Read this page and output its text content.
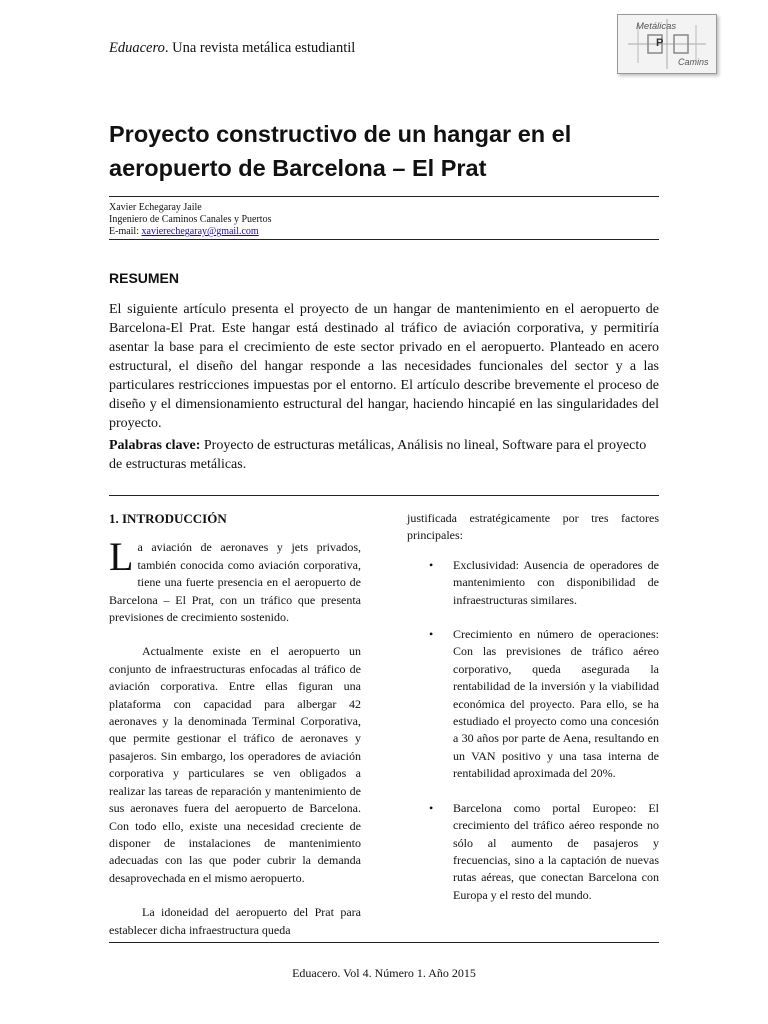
Eduacero. Una revista metálica estudiantil
Metálicas
P
Camins
Proyecto constructivo de un hangar en el aeropuerto de Barcelona – El Prat
Xavier Echegaray Jaile
Ingeniero de Caminos Canales y Puertos
E-mail: xavierechegaray@gmail.com
RESUMEN

El siguiente artículo presenta el proyecto de un hangar de mantenimiento en el aeropuerto de Barcelona-El Prat. Este hangar está destinado al tráfico de aviación corporativa, y permitiría asentar la base para el crecimiento de este sector privado en el aeropuerto. Planteado en acero estructural, el diseño del hangar responde a las necesidades funcionales del sector y a las particulares restricciones impuestas por el entorno. El artículo describe brevemente el proceso de diseño y el dimensionamiento estructural del hangar, haciendo hincapié en las singularidades del proyecto.

Palabras clave: Proyecto de estructuras metálicas, Análisis no lineal, Software para el proyecto de estructuras metálicas.

1. INTRODUCCIÓN

La aviación de aeronaves y jets privados, también conocida como aviación corporativa, tiene una fuerte presencia en el aeropuerto de Barcelona – El Prat, con un tráfico que presenta previsiones de crecimiento sostenido.

Actualmente existe en el aeropuerto un conjunto de infraestructuras enfocadas al tráfico de aviación corporativa. Entre ellas figuran una plataforma con capacidad para albergar 42 aeronaves y la denominada Terminal Corporativa, que permite gestionar el tráfico de aeronaves y pasajeros. Sin embargo, los operadores de aviación corporativa y particulares se ven obligados a realizar las tareas de reparación y mantenimiento de sus aeronaves fuera del aeropuerto de Barcelona. Con todo ello, existe una necesidad creciente de disponer de instalaciones de mantenimiento adecuadas con las que poder cubrir la demanda desaprovechada en el mismo aeropuerto.

La idoneidad del aeropuerto del Prat para establecer dicha infraestructura queda

justificada estratégicamente por tres factores principales:

• Exclusividad: Ausencia de operadores de mantenimiento con disponibilidad de infraestructuras similares.
• Crecimiento en número de operaciones: Con las previsiones de tráfico aéreo corporativo, queda asegurada la rentabilidad de la inversión y la viabilidad económica del proyecto. Para ello, se ha estudiado el proyecto como una concesión a 30 años por parte de Aena, resultando en un VAN positivo y una tasa interna de rentabilidad aproximada del 20%.
• Barcelona como portal Europeo: El crecimiento del tráfico aéreo responde no sólo al aumento de pasajeros y frecuencias, sino a la captación de nuevas rutas aéreas, que conectan Barcelona con Europa y el resto del mundo.
Eduacero. Vol 4. Número 1. Año 2015
